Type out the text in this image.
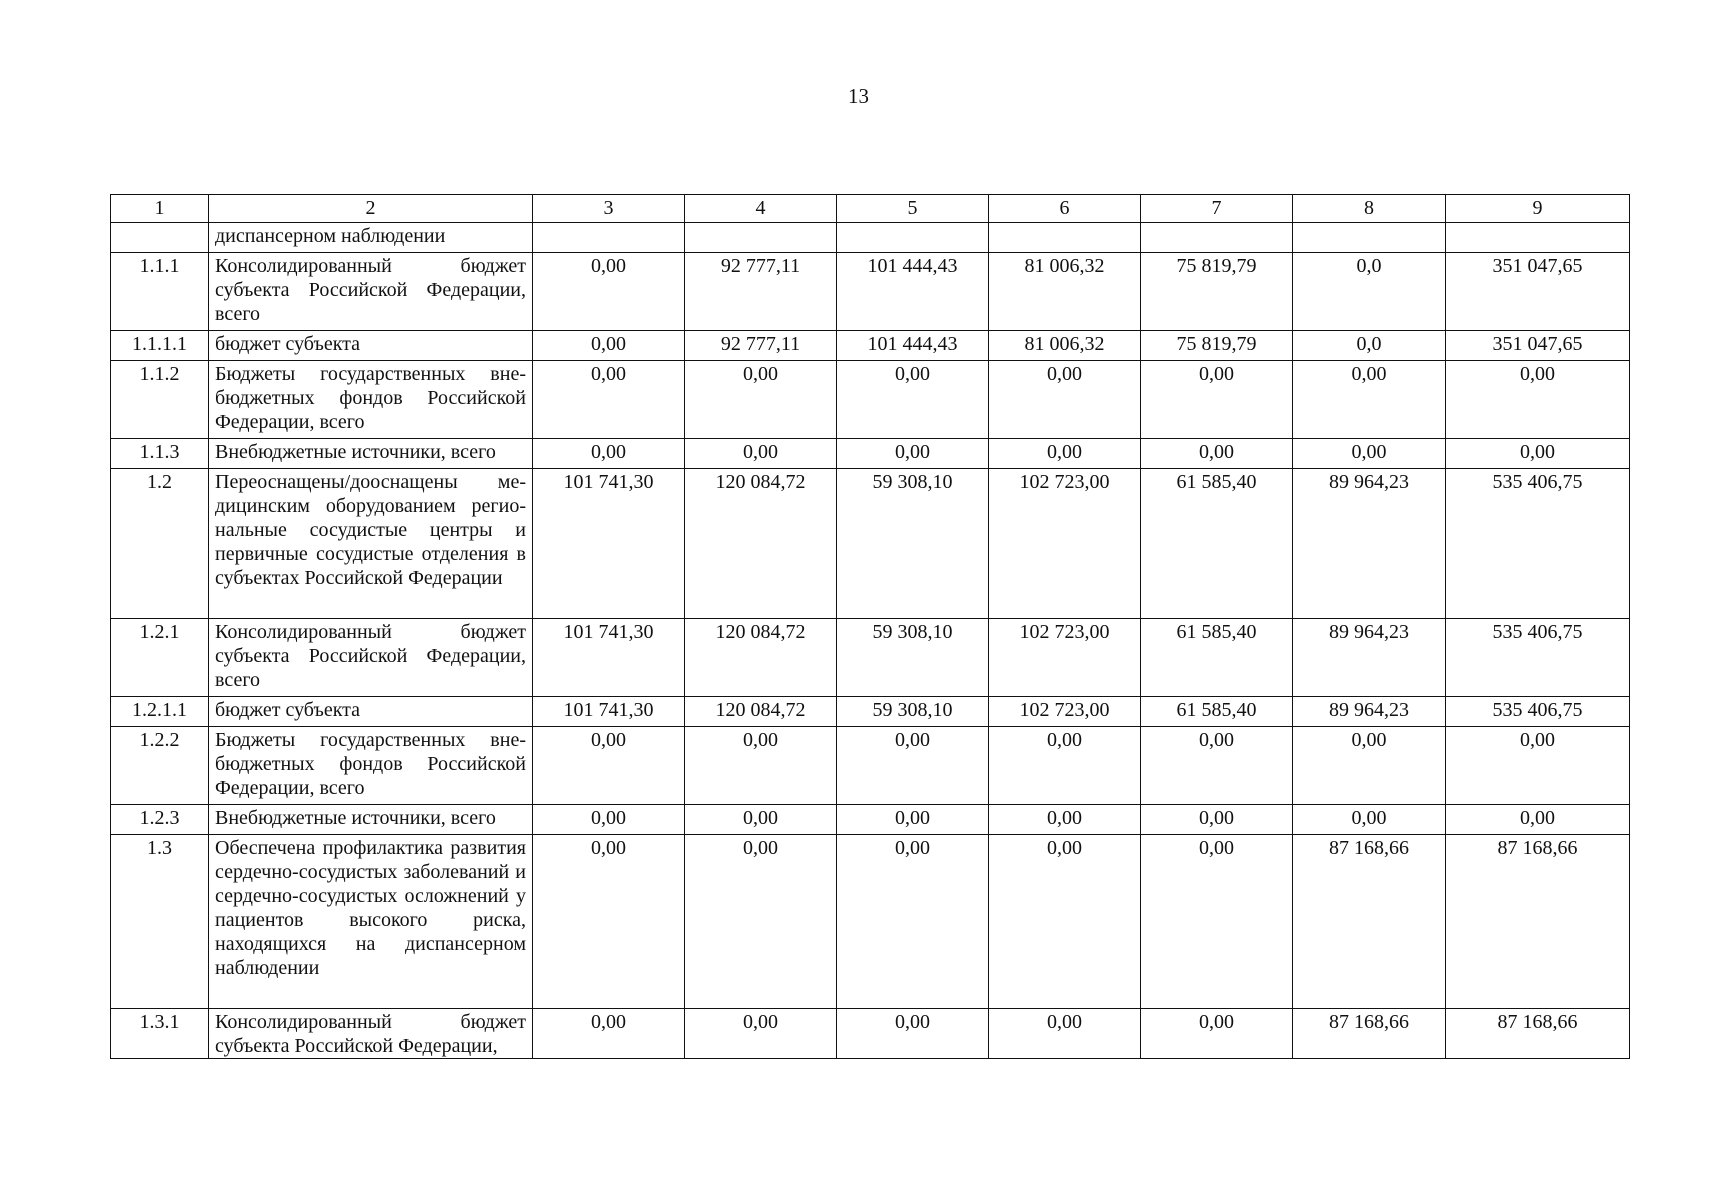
13
1	2	3	4	5	6	7	8	9
	диспансерном наблюдении							
1.1.1	Консолидированный бюджет субъекта Российской Федерации, всего	0,00	92 777,11	101 444,43	81 006,32	75 819,79	0,0	351 047,65
1.1.1.1	бюджет субъекта	0,00	92 777,11	101 444,43	81 006,32	75 819,79	0,0	351 047,65
1.1.2	Бюджеты государственных внебюджетных фондов Российской Федерации, всего	0,00	0,00	0,00	0,00	0,00	0,00	0,00
1.1.3	Внебюджетные источники, всего	0,00	0,00	0,00	0,00	0,00	0,00	0,00
1.2	Переоснащены/дооснащены медицинским оборудованием региональные сосудистые центры и первичные сосудистые отделения в субъектах Российской Федерации	101 741,30	120 084,72	59 308,10	102 723,00	61 585,40	89 964,23	535 406,75
1.2.1	Консолидированный бюджет субъекта Российской Федерации, всего	101 741,30	120 084,72	59 308,10	102 723,00	61 585,40	89 964,23	535 406,75
1.2.1.1	бюджет субъекта	101 741,30	120 084,72	59 308,10	102 723,00	61 585,40	89 964,23	535 406,75
1.2.2	Бюджеты государственных внебюджетных фондов Российской Федерации, всего	0,00	0,00	0,00	0,00	0,00	0,00	0,00
1.2.3	Внебюджетные источники, всего	0,00	0,00	0,00	0,00	0,00	0,00	0,00
1.3	Обеспечена профилактика развития сердечно-сосудистых заболеваний и сердечно-сосудистых осложнений у пациентов высокого риска, находящихся на диспансерном наблюдении	0,00	0,00	0,00	0,00	0,00	87 168,66	87 168,66
1.3.1	Консолидированный бюджет субъекта Российской Федерации,	0,00	0,00	0,00	0,00	0,00	87 168,66	87 168,66
